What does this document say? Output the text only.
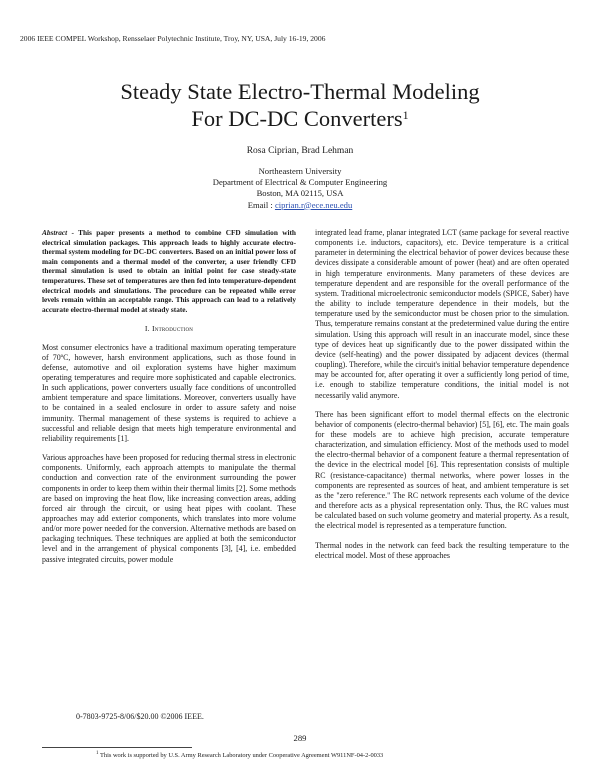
2006 IEEE COMPEL Workshop, Rensselaer Polytechnic Institute, Troy, NY, USA, July 16-19, 2006
Steady State Electro-Thermal Modeling
For DC-DC Converters$^1$
Rosa Ciprian, Brad Lehman
Northeastern University
Department of Electrical & Computer Engineering
Boston, MA 02115, USA
Email : ciprian.r@ece.neu.edu

Abstract - This paper presents a method to combine CFD simulation with electrical simulation packages. This approach leads to highly accurate electro-thermal system modeling for DC-DC converters. Based on an initial power loss of main components and a thermal model of the converter, a user friendly CFD thermal simulation is used to obtain an initial point for case steady-state temperatures. These set of temperatures are then fed into temperature-dependent electrical models and simulations. The procedure can be repeated while error levels remain within an acceptable range. This approach can lead to a relatively accurate electro-thermal model at steady state.

I. Introduction

Most consumer electronics have a traditional maximum operating temperature of 70ºC, however, harsh environment applications, such as those found in defense, automotive and oil exploration systems have higher maximum operating temperatures and require more sophisticated and capable electronics. In such applications, power converters usually face conditions of uncontrolled ambient temperature and space limitations. Moreover, converters usually have to be contained in a sealed enclosure in order to assure safety and noise immunity. Thermal management of these systems is required to achieve a successful and reliable design that meets high temperature environmental and reliability requirements [1].

Various approaches have been proposed for reducing thermal stress in electronic components. Uniformly, each approach attempts to manipulate the thermal conduction and convection rate of the environment surrounding the power components in order to keep them within their thermal limits [2]. Some methods are based on improving the heat flow, like increasing convection areas, adding forced air through the circuit, or using heat pipes with coolant. These approaches may add exterior components, which translates into more volume and/or more power needed for the conversion. Alternative methods are based on packaging techniques. These techniques are applied at both the semiconductor level and in the arrangement of physical components [3], [4], i.e. embedded passive integrated circuits, power module

integrated lead frame, planar integrated LCT (same package for several reactive components i.e. inductors, capacitors), etc. Device temperature is a critical parameter in determining the electrical behavior of power devices because these devices dissipate a considerable amount of power (heat) and are often operated in high temperature environments. Many parameters of these devices are temperature dependent and are responsible for the overall performance of the system. Traditional microelectronic semiconductor models (SPICE, Saber) have the ability to include temperature dependence in their models, but the temperature used by the semiconductor must be chosen prior to the simulation. Thus, temperature remains constant at the predetermined value during the entire simulation. Using this approach will result in an inaccurate model, since these type of devices heat up significantly due to the power dissipated within the device (self-heating) and the power dissipated by adjacent devices (thermal coupling). Therefore, while the circuit's initial behavior temperature dependence may be accounted for, after operating it over a sufficiently long period of time, i.e. enough to stabilize temperature conditions, the initial model is not necessarily valid anymore.

There has been significant effort to model thermal effects on the electronic behavior of components (electro-thermal behavior) [5], [6], etc. The main goals for these models are to achieve high precision, accurate temperature characterization, and simulation efficiency. Most of the methods used to model the electro-thermal behavior of a component feature a thermal representation of the device in the electrical model [6]. This representation consists of multiple RC (resistance-capacitance) thermal networks, where power losses in the components are represented as sources of heat, and ambient temperature is set as the "zero reference." The RC network represents each volume of the device and therefore acts as a physical representation only. Thus, the RC values must be calculated based on such volume geometry and material property. As a result, the electrical model is represented as a temperature function.

Thermal nodes in the network can feed back the resulting temperature to the electrical model. Most of these approaches

0-7803-9725-8/06/$20.00 ©2006 IEEE.
289
$^1$ This work is supported by U.S. Army Research Laboratory under Cooperative Agreement W911NF-04-2-0033
